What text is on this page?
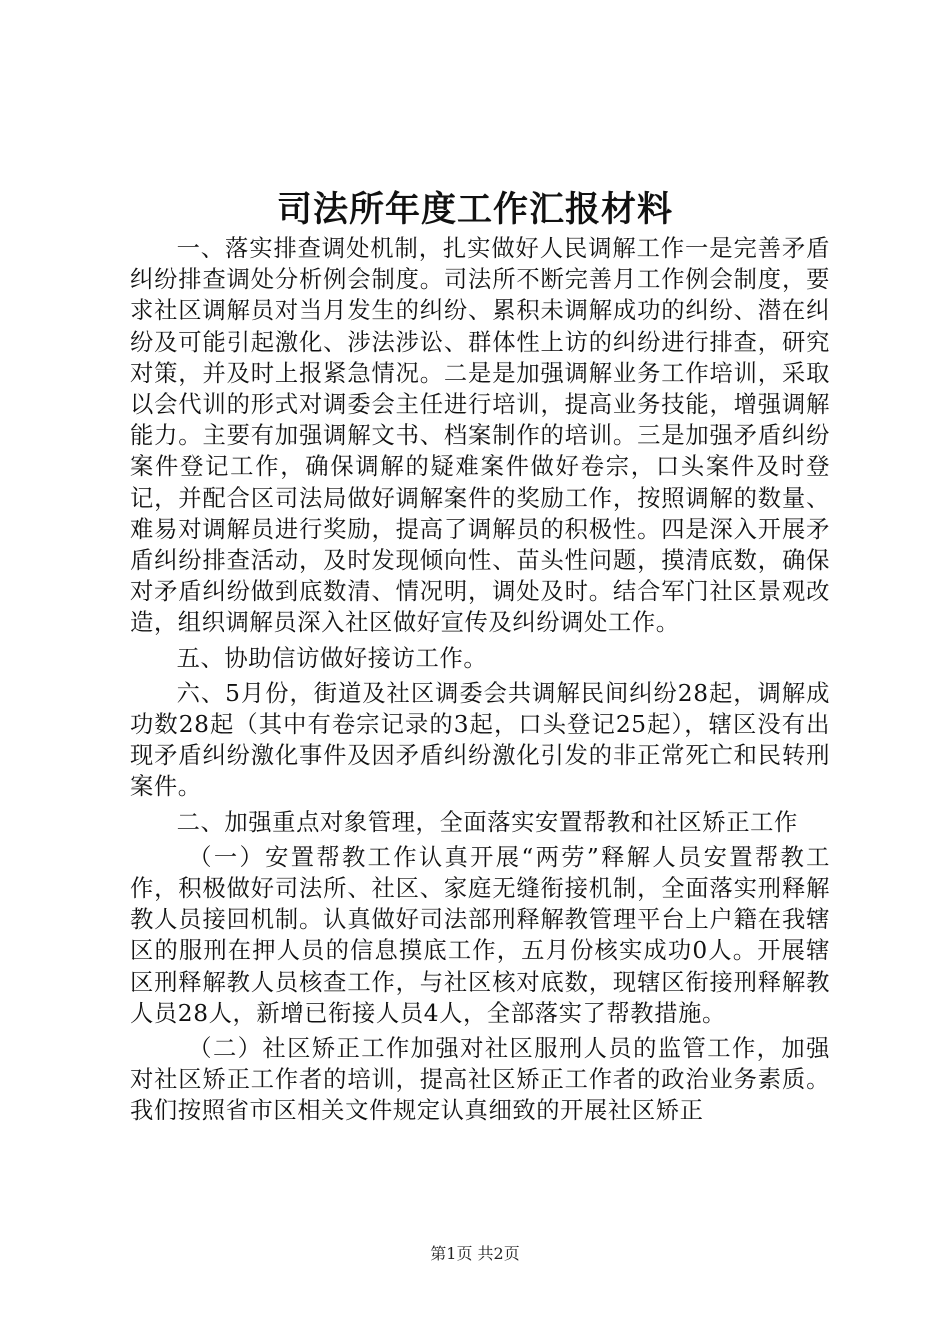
司法所年度工作汇报材料

一、落实排查调处机制，扎实做好人民调解工作一是完善矛盾纠纷排查调处分析例会制度。司法所不断完善月工作例会制度，要求社区调解员对当月发生的纠纷、累积未调解成功的纠纷、潜在纠纷及可能引起激化、涉法涉讼、群体性上访的纠纷进行排查，研究对策，并及时上报紧急情况。二是是加强调解业务工作培训，采取以会代训的形式对调委会主任进行培训，提高业务技能，增强调解能力。主要有加强调解文书、档案制作的培训。三是加强矛盾纠纷案件登记工作，确保调解的疑难案件做好卷宗，口头案件及时登记，并配合区司法局做好调解案件的奖励工作，按照调解的数量、难易对调解员进行奖励，提高了调解员的积极性。四是深入开展矛盾纠纷排查活动，及时发现倾向性、苗头性问题，摸清底数，确保对矛盾纠纷做到底数清、情况明，调处及时。结合军门社区景观改造，组织调解员深入社区做好宣传及纠纷调处工作。

五、协助信访做好接访工作。

六、5月份，街道及社区调委会共调解民间纠纷28起，调解成功数28起（其中有卷宗记录的3起，口头登记25起），辖区没有出现矛盾纠纷激化事件及因矛盾纠纷激化引发的非正常死亡和民转刑案件。

二、加强重点对象管理，全面落实安置帮教和社区矫正工作

（一）安置帮教工作认真开展“两劳”释解人员安置帮教工作，积极做好司法所、社区、家庭无缝衔接机制，全面落实刑释解教人员接回机制。认真做好司法部刑释解教管理平台上户籍在我辖区的服刑在押人员的信息摸底工作，五月份核实成功0人。开展辖区刑释解教人员核查工作，与社区核对底数，现辖区衔接刑释解教人员28人，新增已衔接人员4人，全部落实了帮教措施。

（二）社区矫正工作加强对社区服刑人员的监管工作，加强对社区矫正工作者的培训，提高社区矫正工作者的政治业务素质。我们按照省市区相关文件规定认真细致的开展社区矫正

第1页 共2页
